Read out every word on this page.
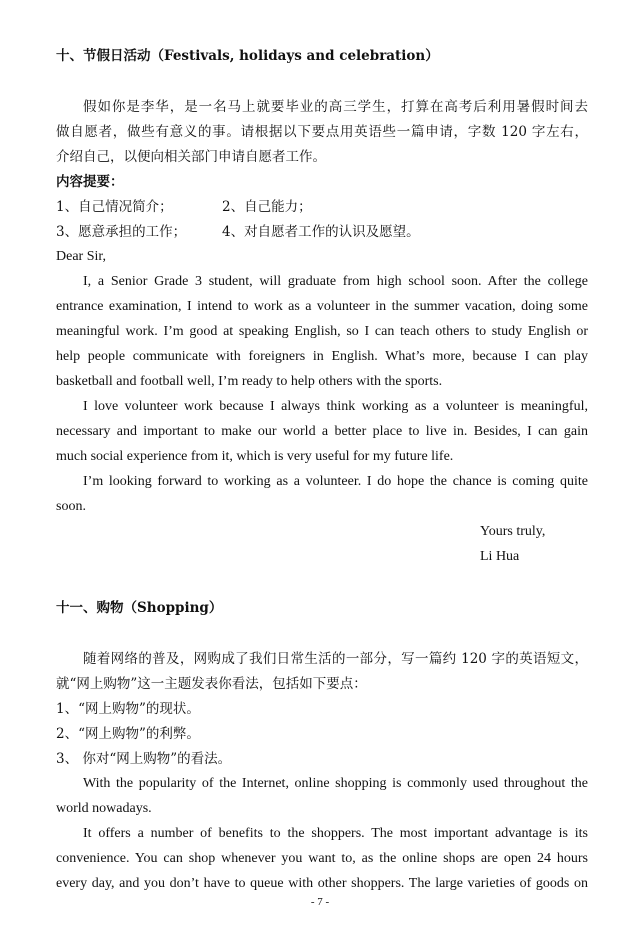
十、节假日活动（Festivals, holidays and celebration）
假如你是李华，是一名马上就要毕业的高三学生，打算在高考后利用暑假时间去
做自愿者，做些有意义的事。请根据以下要点用英语些一篇申请，字数 120 字左右，
介绍自己，以便向相关部门申请自愿者工作。
内容提要：
1、自己情况简介；	2、自己能力；
3、愿意承担的工作；	4、对自愿者工作的认识及愿望。
Dear Sir,
I, a Senior Grade 3 student, will graduate from high school soon. After the college
entrance examination, I intend to work as a volunteer in the summer vacation, doing some
meaningful work. I’m good at speaking English, so I can teach others to study English or
help people communicate with foreigners in English. What’s more, because I can play
basketball and football well, I’m ready to help others with the sports.
I love volunteer work because I always think working as a volunteer is meaningful,
necessary and important to make our world a better place to live in. Besides, I can gain
much social experience from it, which is very useful for my future life.
I’m looking forward to working as a volunteer. I do hope the chance is coming quite
soon.
Yours truly,
Li Hua
十一、购物（Shopping）
随着网络的普及，网购成了我们日常生活的一部分，写一篇约 120 字的英语短文，
就“网上购物”这一主题发表你看法，包括如下要点：
1、“网上购物”的现状。
2、“网上购物”的利弊。
3、 你对“网上购物”的看法。
With the popularity of the Internet, online shopping is commonly used throughout the
world nowadays.
It offers a number of benefits to the shoppers. The most important advantage is its
convenience. You can shop whenever you want to, as the online shops are open 24 hours
every day, and you don’t have to queue with other shoppers. The large varieties of goods on
- 7 -
